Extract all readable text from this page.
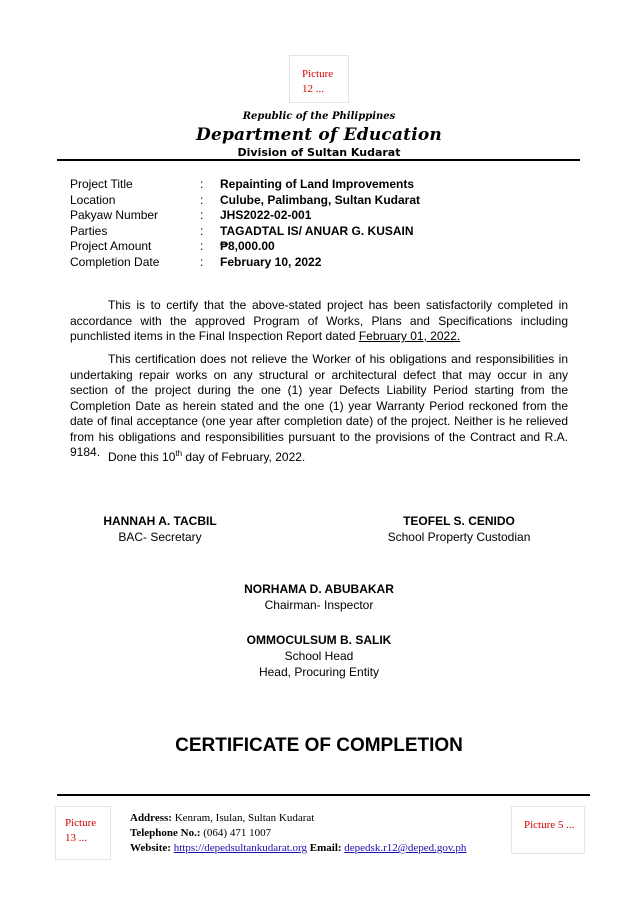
Picture 12 ...
Republic of the Philippines
Department of Education
Division of Sultan Kudarat
Project Title	:	Repainting of Land Improvements
Location	:	Culube, Palimbang, Sultan Kudarat
Pakyaw Number	:	JHS2022-02-001
Parties	:	TAGADTAL IS/ ANUAR G. KUSAIN
Project Amount	:	₱8,000.00
Completion Date	:	February 10, 2022
This is to certify that the above-stated project has been satisfactorily completed in accordance with the approved Program of Works, Plans and Specifications including punchlisted items in the Final Inspection Report dated February 01, 2022.
This certification does not relieve the Worker of his obligations and responsibilities in undertaking repair works on any structural or architectural defect that may occur in any section of the project during the one (1) year Defects Liability Period starting from the Completion Date as herein stated and the one (1) year Warranty Period reckoned from the date of final acceptance (one year after completion date) of the project. Neither is he relieved from his obligations and responsibilities pursuant to the provisions of the Contract and R.A. 9184. Done this 10th day of February, 2022.
HANNAH A. TACBIL
BAC- Secretary
TEOFEL S. CENIDO
School Property Custodian
NORHAMA D. ABUBAKAR
Chairman- Inspector
OMMOCULSUM B. SALIK
School Head
Head, Procuring Entity
CERTIFICATE OF COMPLETION
Picture 13 ...
Address: Kenram, Isulan, Sultan Kudarat
Telephone No.: (064) 471 1007
Website: https://depedsultankudarat.org Email: depedsk.r12@deped.gov.ph
Picture 5 ...
